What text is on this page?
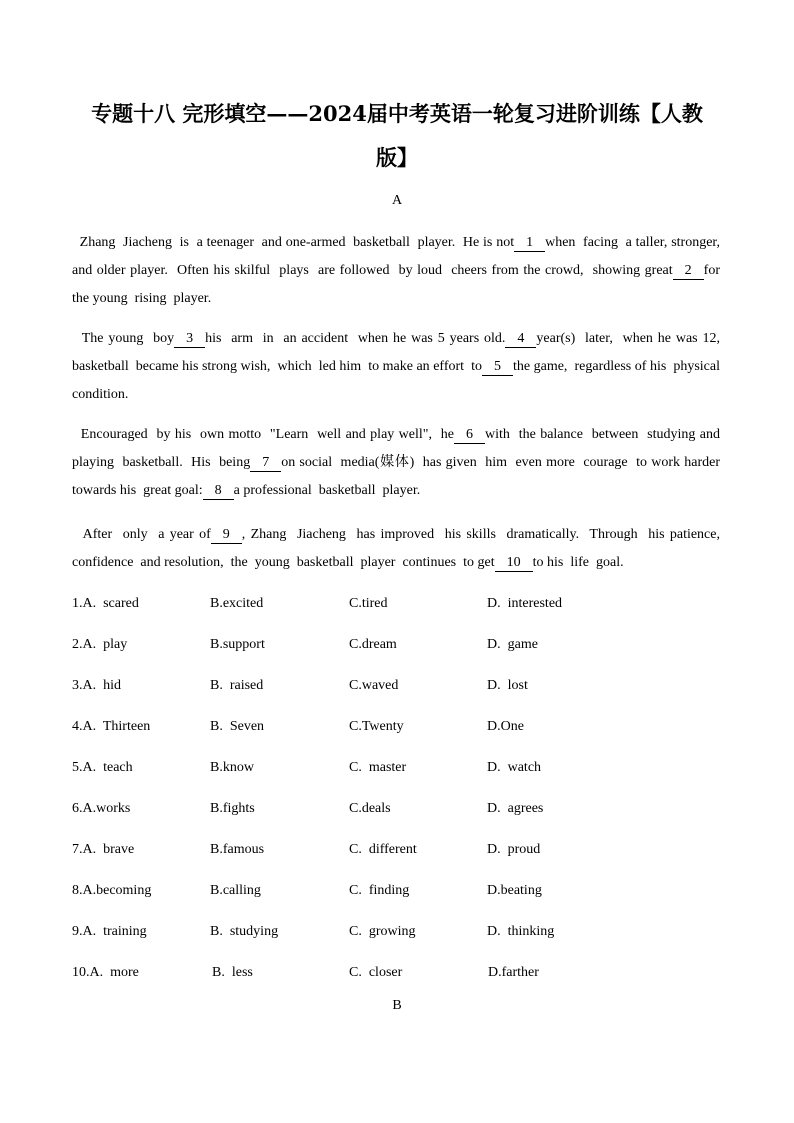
专题十八 完形填空——2024届中考英语一轮复习进阶训练【人教版】
A
Zhang  Jiacheng  is  a teenager  and one-armed  basketball  player.  He is not 1 when  facing  a taller, stronger,  and older player.  Often his skilful  plays  are followed  by loud  cheers from the crowd,  showing great 2 for  the young  rising  player.
The young  boy 3 his  arm  in  an accident  when he was 5 years old. 4 year(s)  later,  when he was 12, basketball  became his strong wish,  which  led him  to make an effort  to 5 the game,  regardless of his  physical  condition.
Encouraged  by his  own motto  "Learn  well and play well",  he 6 with  the balance  between  studying and playing  basketball.  His  being 7 on social  media(媒体)  has given  him  even more  courage  to work harder towards his  great goal: 8 a professional  basketball  player.
After  only  a year of 9 , Zhang  Jiacheng  has improved  his skills  dramatically.  Through  his patience, confidence  and resolution,  the  young  basketball  player  continues  to get 10 to his  life  goal.
1.A.  scared	B.excited	C.tired	D.  interested
2.A.  play	B.support	C.dream	D.  game
3.A.  hid	B.  raised	C.waved	D.  lost
4.A.  Thirteen	B.  Seven	C.Twenty	D.One
5.A.  teach	B.know	C.  master	D.  watch
6.A.works	B.fights	C.deals	D.  agrees
7.A.  brave	B.famous	C.  different	D.  proud
8.A.becoming	B.calling	C.  finding	D.beating
9.A.  training	B.  studying	C.  growing	D.  thinking
10.A.  more	B.  less	C.  closer	D.farther
B
